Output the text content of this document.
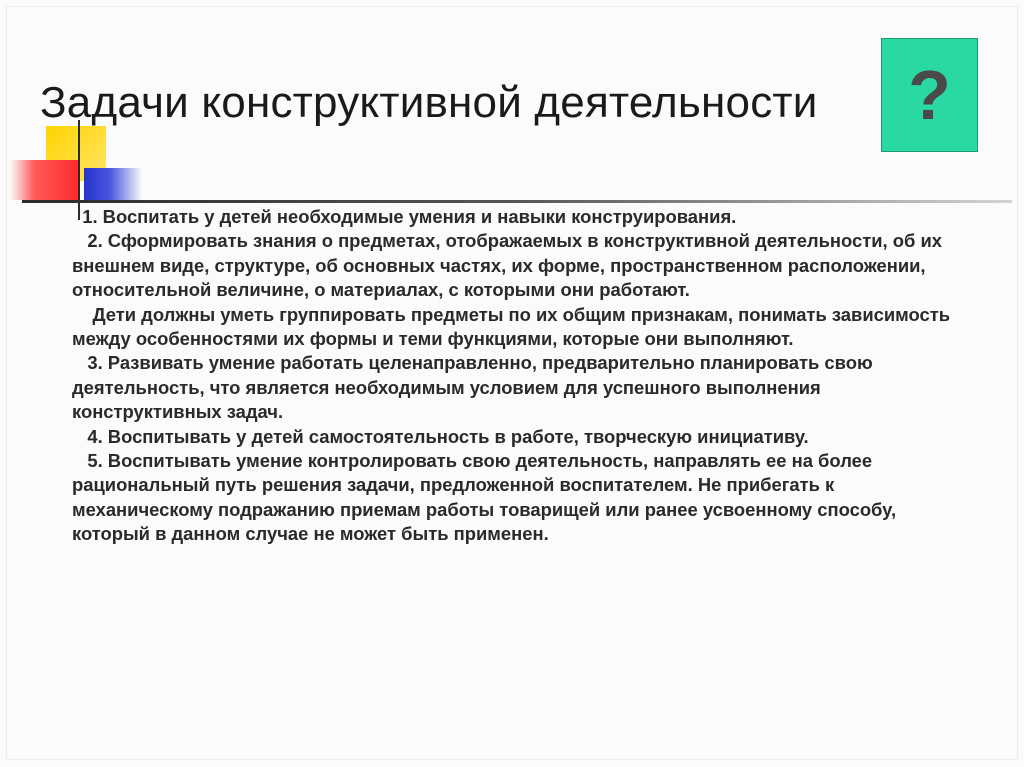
Задачи конструктивной деятельности ?

1. Воспитать у детей необходимые умения и навыки конструирования.

2. Сформировать знания о предметах, отображаемых в конструктивной деятельности, об их внешнем виде, структуре, об основных частях, их форме, пространственном расположении, относительной величине, о материалах, с которыми они работают.

Дети должны уметь группировать предметы по их общим признакам, понимать зависимость между особенностями их формы и теми функциями, которые они выполняют.

3. Развивать умение работать целенаправленно, предварительно планировать свою деятельность, что является необходимым условием для успешного выполнения конструктивных задач.

4. Воспитывать у детей самостоятельность в работе, творческую инициативу.

5. Воспитывать умение контролировать свою деятельность, направлять ее на более рациональный путь решения задачи, предложенной воспитателем. Не прибегать к механическому подражанию приемам работы товарищей или ранее усвоенному способу, который в данном случае не может быть применен.
